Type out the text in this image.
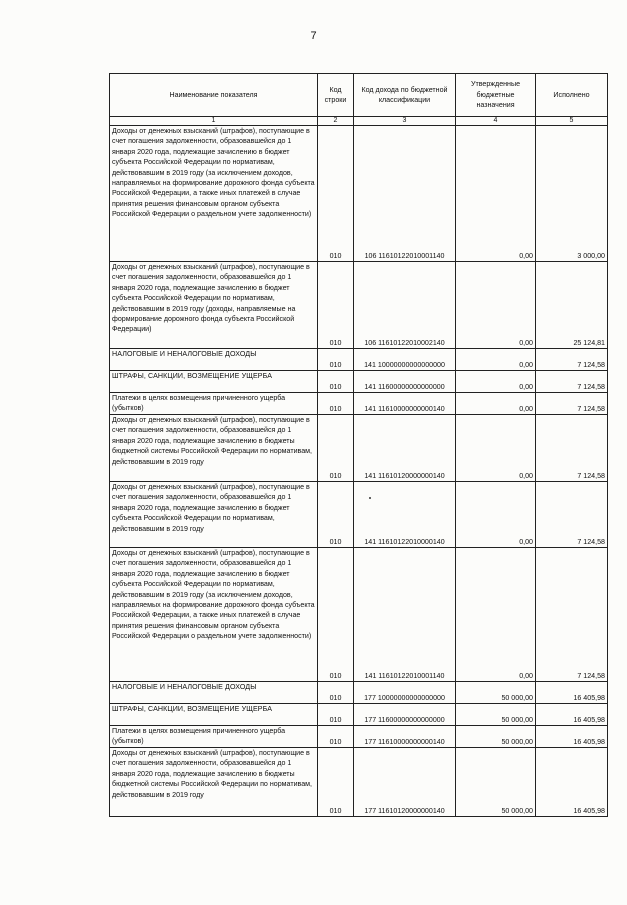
7
Наименование показателя	Код строки	Код дохода по бюджетной классификации	Утвержденные бюджетные назначения	Исполнено
1	2	3	4	5
Доходы от денежных взысканий (штрафов), поступающие в счет погашения задолженности, образовавшейся до 1 января 2020 года, подлежащие зачислению в бюджет субъекта Российской Федерации по нормативам, действовавшим в 2019 году (за исключением доходов, направляемых на формирование дорожного фонда субъекта Российской Федерации, а также иных платежей в случае принятия решения финансовым органом субъекта Российской Федерации о раздельном учете задолженности)	010	106 11610122010001140	0,00	3 000,00
Доходы от денежных взысканий (штрафов), поступающие в счет погашения задолженности, образовавшейся до 1 января 2020 года, подлежащие зачислению в бюджет субъекта Российской Федерации по нормативам, действовавшим в 2019 году (доходы, направляемые на формирование дорожного фонда субъекта Российской Федерации)	010	106 11610122010002140	0,00	25 124,81
НАЛОГОВЫЕ И НЕНАЛОГОВЫЕ ДОХОДЫ	010	141 10000000000000000	0,00	7 124,58
ШТРАФЫ, САНКЦИИ, ВОЗМЕЩЕНИЕ УЩЕРБА	010	141 11600000000000000	0,00	7 124,58
Платежи в целях возмещения причиненного ущерба (убытков)	010	141 11610000000000140	0,00	7 124,58
Доходы от денежных взысканий (штрафов), поступающие в счет погашения задолженности, образовавшейся до 1 января 2020 года, подлежащие зачислению в бюджеты бюджетной системы Российской Федерации по нормативам, действовавшим в 2019 году	010	141 11610120000000140	0,00	7 124,58
Доходы от денежных взысканий (штрафов), поступающие в счет погашения задолженности, образовавшейся до 1 января 2020 года, подлежащие зачислению в бюджет субъекта Российской Федерации по нормативам, действовавшим в 2019 году	010	141 11610122010000140	0,00	7 124,58
Доходы от денежных взысканий (штрафов), поступающие в счет погашения задолженности, образовавшейся до 1 января 2020 года, подлежащие зачислению в бюджет субъекта Российской Федерации по нормативам, действовавшим в 2019 году (за исключением доходов, направляемых на формирование дорожного фонда субъекта Российской Федерации, а также иных платежей в случае принятия решения финансовым органом субъекта Российской Федерации о раздельном учете задолженности)	010	141 11610122010001140	0,00	7 124,58
НАЛОГОВЫЕ И НЕНАЛОГОВЫЕ ДОХОДЫ	010	177 10000000000000000	50 000,00	16 405,98
ШТРАФЫ, САНКЦИИ, ВОЗМЕЩЕНИЕ УЩЕРБА	010	177 11600000000000000	50 000,00	16 405,98
Платежи в целях возмещения причиненного ущерба (убытков)	010	177 11610000000000140	50 000,00	16 405,98
Доходы от денежных взысканий (штрафов), поступающие в счет погашения задолженности, образовавшейся до 1 января 2020 года, подлежащие зачислению в бюджеты бюджетной системы Российской Федерации по нормативам, действовавшим в 2019 году	010	177 11610120000000140	50 000,00	16 405,98
